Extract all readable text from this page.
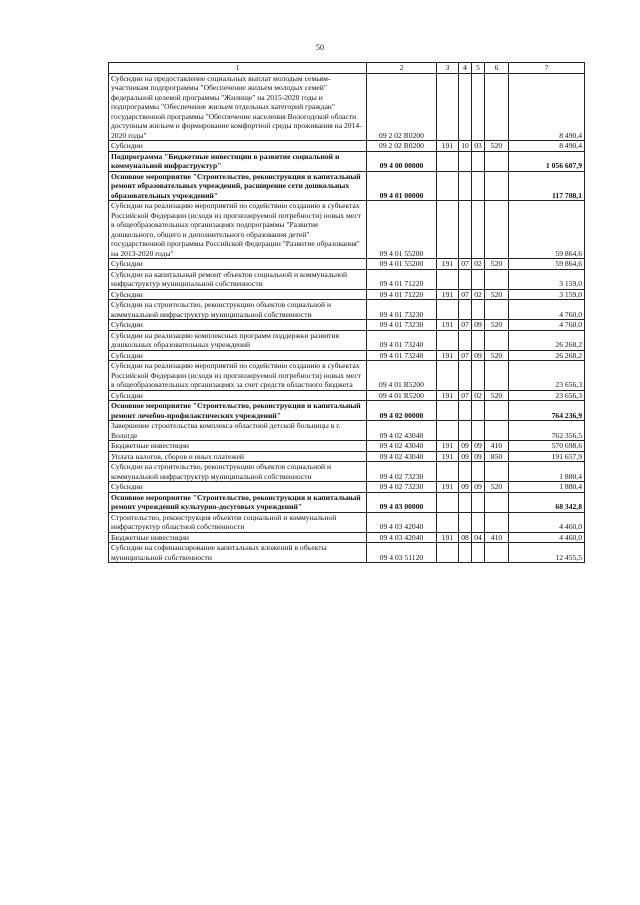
50
1	2	3	4	5	6	7
Субсидии на предоставление социальных выплат молодым семьям-участникам подпрограммы "Обеспечение жильем молодых семей" федеральной целевой программы "Жилище" на 2015-2020 годы и подпрограммы "Обеспечение жильем отдельных категорий граждан" государственной программы "Обеспечение населения Вологодской области доступным жильем и формирование комфортной среды проживания на 2014-2020 годы"	09 2 02 R0200					8 490,4
Субсидии	09 2 02 R0200	191	10	03	520	8 490,4
Подпрограмма "Бюджетные инвестиции в развитие социальной и коммунальной инфраструктур"	09 4 00 00000					1 056 607,9
Основное мероприятие "Строительство, реконструкция и капитальный ремонт образовательных учреждений, расширение сети дошкольных образовательных учреждений"	09 4 01 00000					117 708,1
Субсидии на реализацию мероприятий по содействию созданию в субъектах Российской Федерации (исходя из прогнозируемой потребности) новых мест в общеобразовательных организациях подпрограммы "Развитие дошкольного, общего и дополнительного образования детей" государственной программы Российской Федерации "Развитие образования" на 2013-2020 годы"	09 4 01 55200					59 864,6
Субсидии	09 4 01 55200	191	07	02	520	59 864,6
Субсидии на капитальный ремонт объектов социальной и коммунальной инфраструктур муниципальной собственности	09 4 01 71220					3 159,0
Субсидии	09 4 01 71220	191	07	02	520	3 159,0
Субсидии на строительство, реконструкцию объектов социальной и коммунальной инфраструктур муниципальной собственности	09 4 01 73230					4 760,0
Субсидии	09 4 01 73230	191	07	09	520	4 760,0
Субсидии на реализацию комплексных программ поддержки развития дошкольных образовательных учреждений	09 4 01 73240					26 268,2
Субсидии	09 4 01 73240	191	07	09	520	26 268,2
Субсидии на реализацию мероприятий по содействию созданию в субъектах Российской Федерации (исходя из прогнозируемой потребности) новых мест в общеобразовательных организациях за счет средств областного бюджета	09 4 01 R5200					23 656,3
Субсидии	09 4 01 R5200	191	07	02	520	23 656,3
Основное мероприятие "Строительство, реконструкция и капитальный ремонт лечебно-профилактических учреждений"	09 4 02 00000					764 236,9
Завершение строительства комплекса областной детской больницы в г. Вологде	09 4 02 43040					762 356,5
Бюджетные инвестиции	09 4 02 43040	191	09	09	410	570 698,6
Уплата налогов, сборов и иных платежей	09 4 02 43040	191	09	09	850	191 657,9
Субсидии на строительство, реконструкцию объектов социальной и коммунальной инфраструктур муниципальной собственности	09 4 02 73230					1 880,4
Субсидии	09 4 02 73230	191	09	09	520	1 880,4
Основное мероприятие "Строительство, реконструкция и капитальный ремонт учреждений культурно-досуговых учреждений"	09 4 03 00000					68 342,8
Строительство, реконструкция объектов социальной и коммунальной инфраструктур областной собственности	09 4 03 42040					4 460,0
Бюджетные инвестиции	09 4 03 42040	191	08	04	410	4 460,0
Субсидии на софинансирование капитальных вложений в объекты муниципальной собственности	09 4 03 51120					12 455,5
